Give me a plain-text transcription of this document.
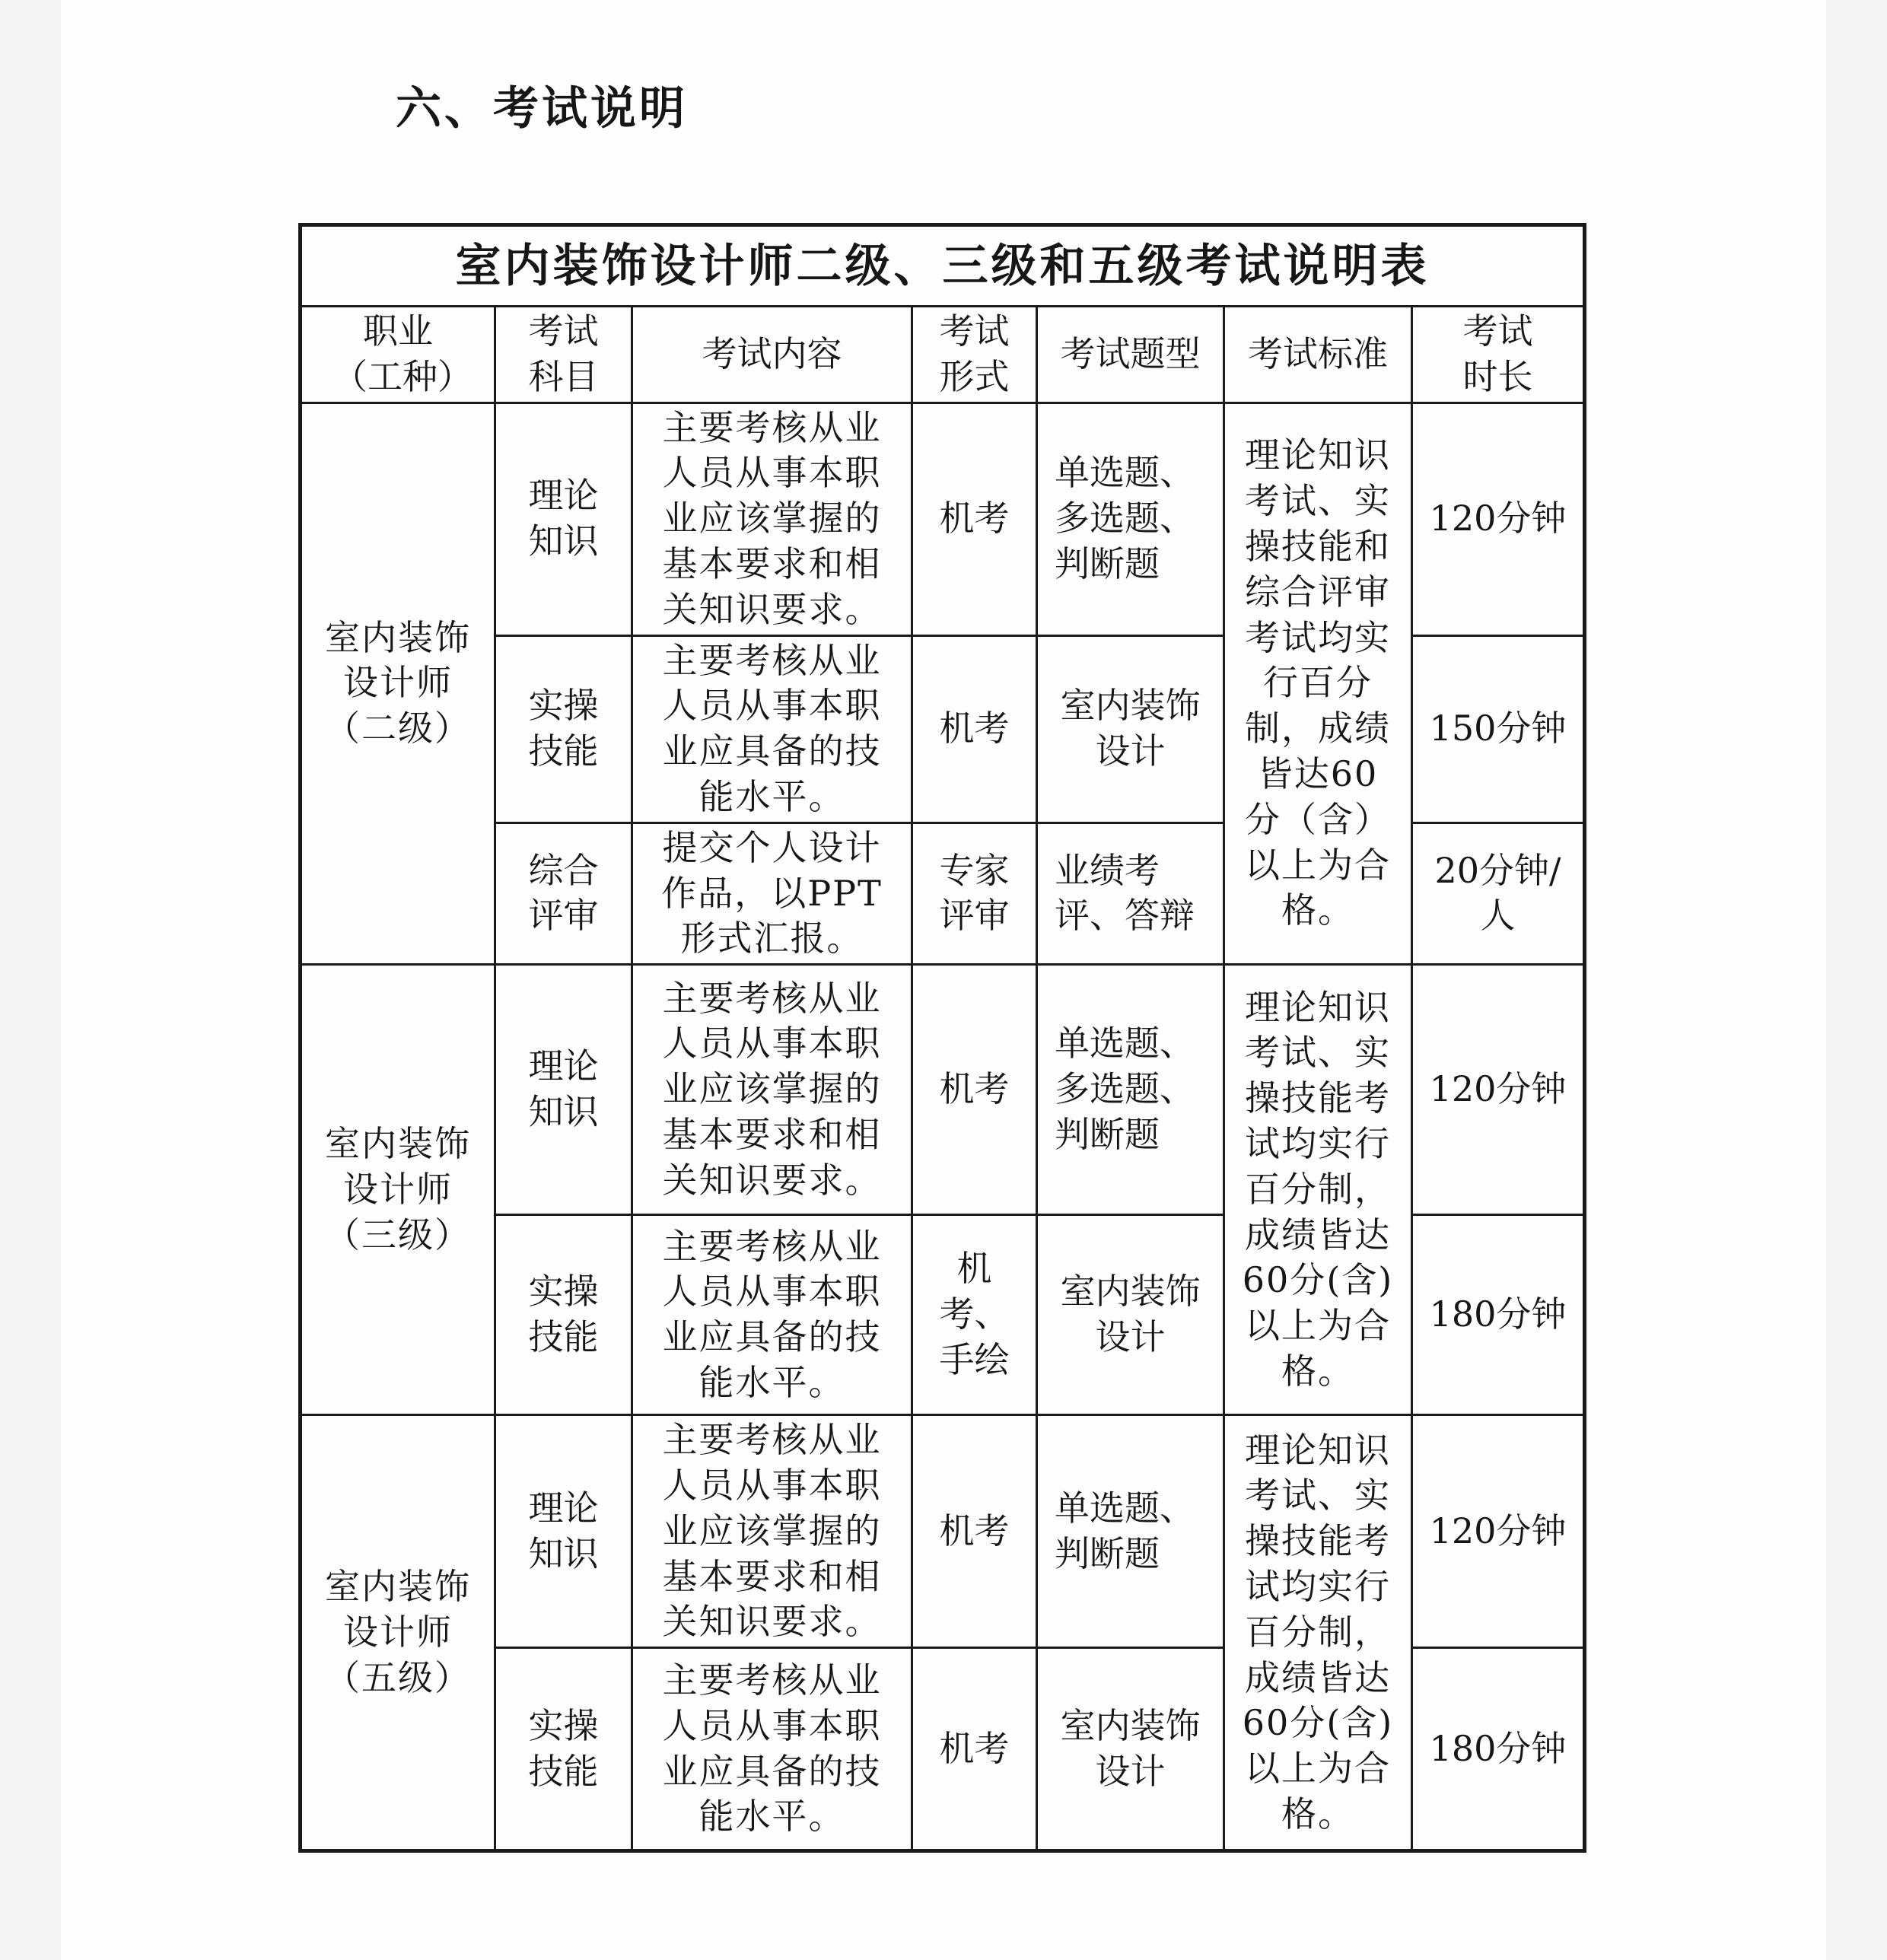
六、考试说明
室内装饰设计师二级、三级和五级考试说明表						
职业（工种）	考试科目	考试内容	考试形式	考试题型	考试标准	考试时长
室内装饰设计师（二级）	理论知识	主要考核从业人员从事本职业应该掌握的基本要求和相关知识要求。	机考	单选题、多选题、判断题	理论知识考试、实操技能和综合评审考试均实行百分制，成绩皆达60分（含）以上为合格。	120分钟
	实操技能	主要考核从业人员从事本职业应具备的技能水平。	机考	室内装饰设计		150分钟
	综合评审	提交个人设计作品，以PPT形式汇报。	专家评审	业绩考评、答辩		20分钟/人
室内装饰设计师（三级）	理论知识	主要考核从业人员从事本职业应该掌握的基本要求和相关知识要求。	机考	单选题、多选题、判断题	理论知识考试、实操技能考试均实行百分制，成绩皆达60分(含)以上为合格。	120分钟
	实操技能	主要考核从业人员从事本职业应具备的技能水平。	机考、手绘	室内装饰设计		180分钟
室内装饰设计师（五级）	理论知识	主要考核从业人员从事本职业应该掌握的基本要求和相关知识要求。	机考	单选题、判断题	理论知识考试、实操技能考试均实行百分制，成绩皆达60分(含)以上为合格。	120分钟
	实操技能	主要考核从业人员从事本职业应具备的技能水平。	机考	室内装饰设计		180分钟
